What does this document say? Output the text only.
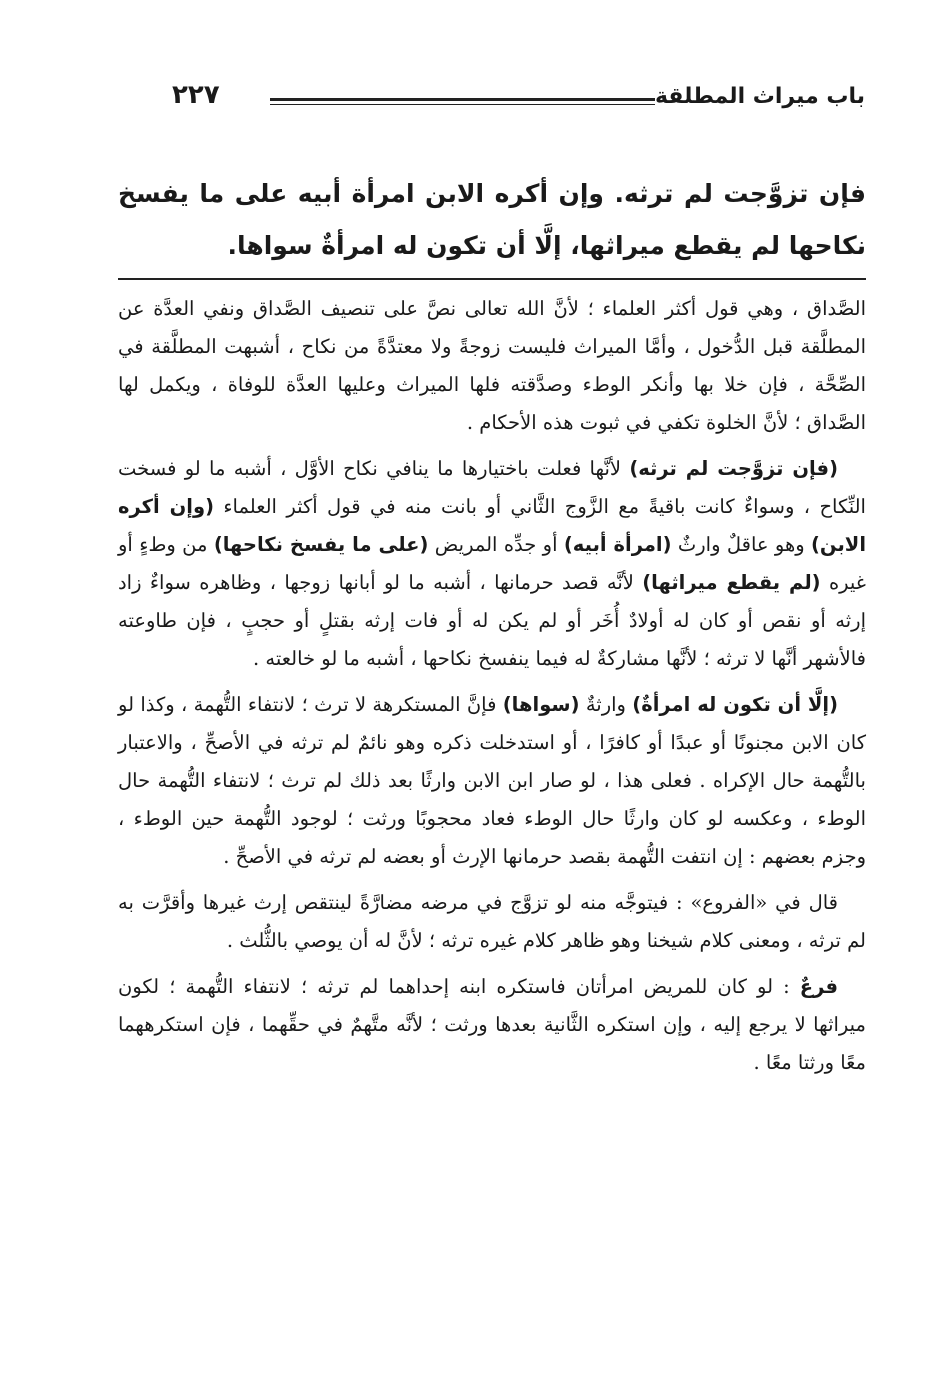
باب ميراث المطلقة
٢٢٧
فإن تزوَّجت لم ترثه. وإن أكره الابن امرأة أبيه على ما يفسخ نكاحها لم يقطع ميراثها، إلَّا أن تكون له امرأةٌ سواها.

الصَّداق ، وهي قول أكثر العلماء ؛ لأنَّ الله تعالى نصَّ على تنصيف الصَّداق ونفي العدَّة عن المطلَّقة قبل الدُّخول ، وأمَّا الميراث فليست زوجةً ولا معتدَّةً من نكاح ، أشبهت المطلَّقة في الصِّحَّة ، فإن خلا بها وأنكر الوطء وصدَّقته فلها الميراث وعليها العدَّة للوفاة ، ويكمل لها الصَّداق ؛ لأنَّ الخلوة تكفي في ثبوت هذه الأحكام .

(فإن تزوَّجت لم ترثه) لأنَّها فعلت باختيارها ما ينافي نكاح الأوَّل ، أشبه ما لو فسخت النِّكاح ، وسواءٌ كانت باقيةً مع الزَّوج الثَّاني أو بانت منه في قول أكثر العلماء (وإن أكره الابن) وهو عاقلٌ وارثٌ (امرأة أبيه) أو جدِّه المريض (على ما يفسخ نكاحها) من وطءٍ أو غيره (لم يقطع ميراثها) لأنَّه قصد حرمانها ، أشبه ما لو أبانها زوجها ، وظاهره سواءٌ زاد إرثه أو نقص أو كان له أولادٌ أُخَر أو لم يكن له أو فات إرثه بقتلٍ أو حجبٍ ، فإن طاوعته فالأشهر أنَّها لا ترثه ؛ لأنَّها مشاركةٌ له فيما ينفسخ نكاحها ، أشبه ما لو خالعته .

(إلَّا أن تكون له امرأةٌ) وارثةٌ (سواها) فإنَّ المستكرهة لا ترث ؛ لانتفاء التُّهمة ، وكذا لو كان الابن مجنونًا أو عبدًا أو كافرًا ، أو استدخلت ذكره وهو نائمٌ لم ترثه في الأصحِّ ، والاعتبار بالتُّهمة حال الإكراه . فعلى هذا ، لو صار ابن الابن وارثًا بعد ذلك لم ترث ؛ لانتفاء التُّهمة حال الوطء ، وعكسه لو كان وارثًا حال الوطء فعاد محجوبًا ورثت ؛ لوجود التُّهمة حين الوطء ، وجزم بعضهم : إن انتفت التُّهمة بقصد حرمانها الإرث أو بعضه لم ترثه في الأصحِّ .

قال في «الفروع» : فيتوجَّه منه لو تزوَّج في مرضه مضارَّةً لينتقص إرث غيرها وأقرَّت به لم ترثه ، ومعنى كلام شيخنا وهو ظاهر كلام غيره ترثه ؛ لأنَّ له أن يوصي بالثُّلث .

فرعٌ : لو كان للمريض امرأتان فاستكره ابنه إحداهما لم ترثه ؛ لانتفاء التُّهمة ؛ لكون ميراثها لا يرجع إليه ، وإن استكره الثَّانية بعدها ورثت ؛ لأنَّه متَّهمٌ في حقِّهما ، فإن استكرههما معًا ورثتا معًا .
